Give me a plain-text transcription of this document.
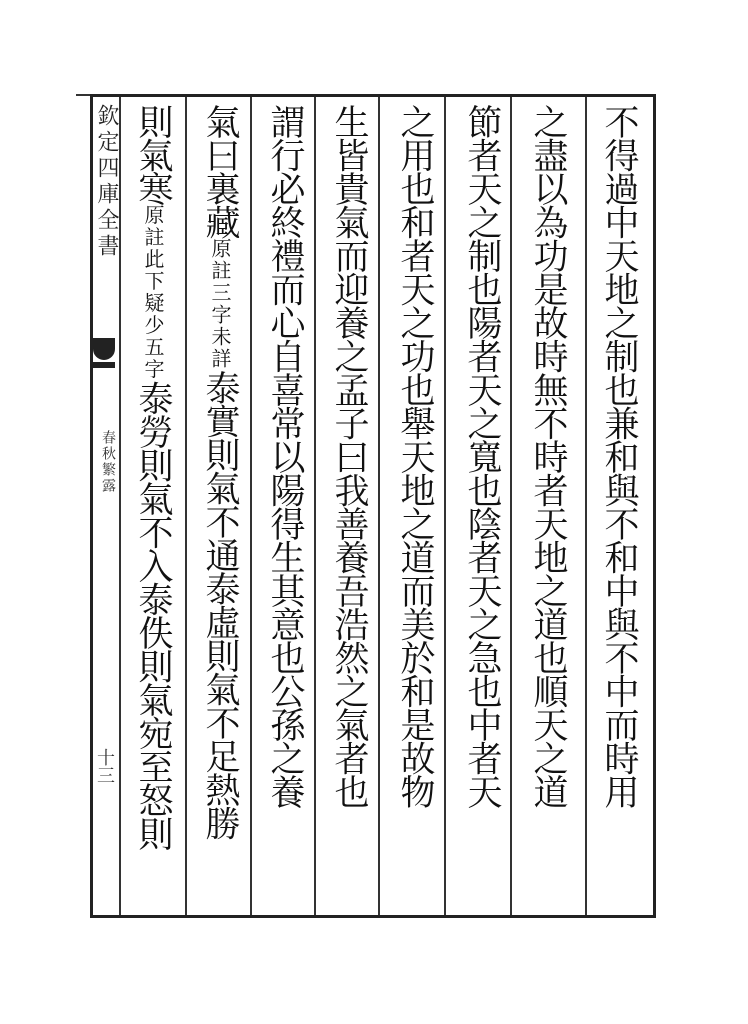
欽定四庫全書
春秋繁露
十三	不得過中天地之制也兼和與不和中與不中而時用
之盡以為功是故時無不時者天地之道也順天之道
節者天之制也陽者天之寬也陰者天之急也中者天
之用也和者天之功也舉天地之道而美於和是故物
生皆貴氣而迎養之孟子曰我善養吾浩然之氣者也
謂行必終禮而心自喜常以陽得生其意也公孫之養
氣曰裏藏原註三字未詳泰實則氣不通泰虛則氣不足熱勝
則氣寒原註此下疑少五字泰勞則氣不入泰佚則氣宛至怒則
